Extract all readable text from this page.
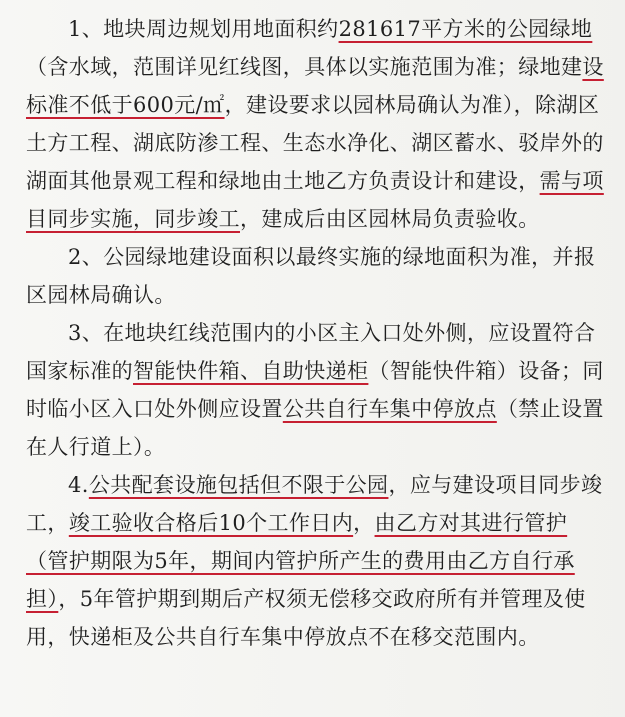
1、地块周边规划用地面积约281617平方米的公园绿地（含水域，范围详见红线图，具体以实施范围为准；绿地建设标准不低于600元/㎡，建设要求以园林局确认为准），除湖区土方工程、湖底防渗工程、生态水净化、湖区蓄水、驳岸外的湖面其他景观工程和绿地由土地乙方负责设计和建设，需与项目同步实施，同步竣工，建成后由区园林局负责验收。

2、公园绿地建设面积以最终实施的绿地面积为准，并报区园林局确认。

3、在地块红线范围内的小区主入口处外侧，应设置符合国家标准的智能快件箱、自助快递柜（智能快件箱）设备；同时临小区入口处外侧应设置公共自行车集中停放点（禁止设置在人行道上）。

4.公共配套设施包括但不限于公园，应与建设项目同步竣工，竣工验收合格后10个工作日内，由乙方对其进行管护（管护期限为5年，期间内管护所产生的费用由乙方自行承担），5年管护期到期后产权须无偿移交政府所有并管理及使用，快递柜及公共自行车集中停放点不在移交范围内。
